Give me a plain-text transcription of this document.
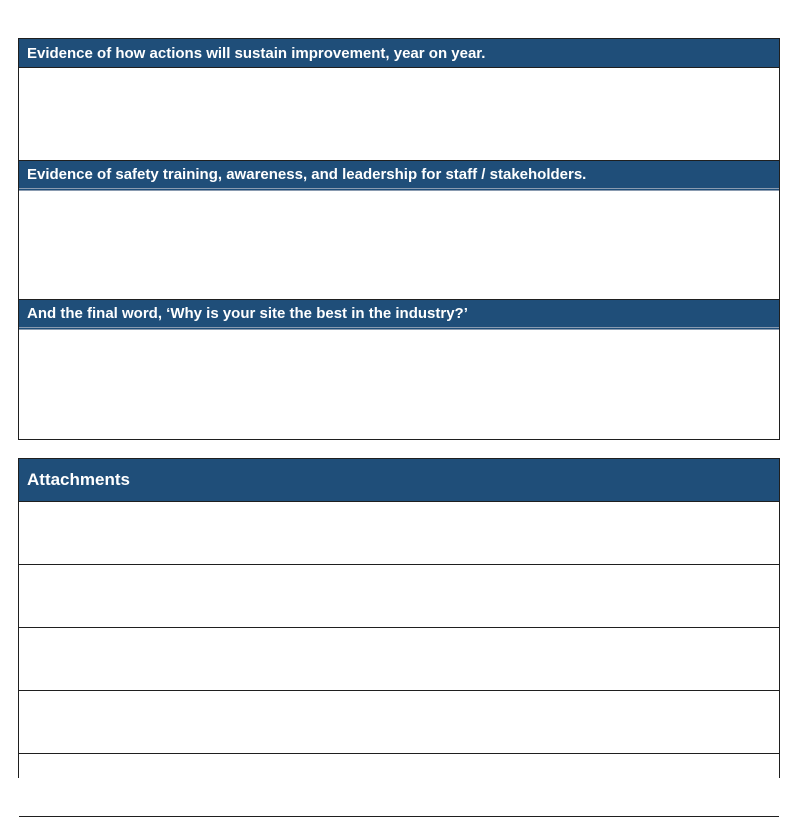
Evidence of how actions will sustain improvement, year on year.
Evidence of safety training, awareness, and leadership for staff / stakeholders.
And the final word, ‘Why is your site the best in the industry?’
Attachments
